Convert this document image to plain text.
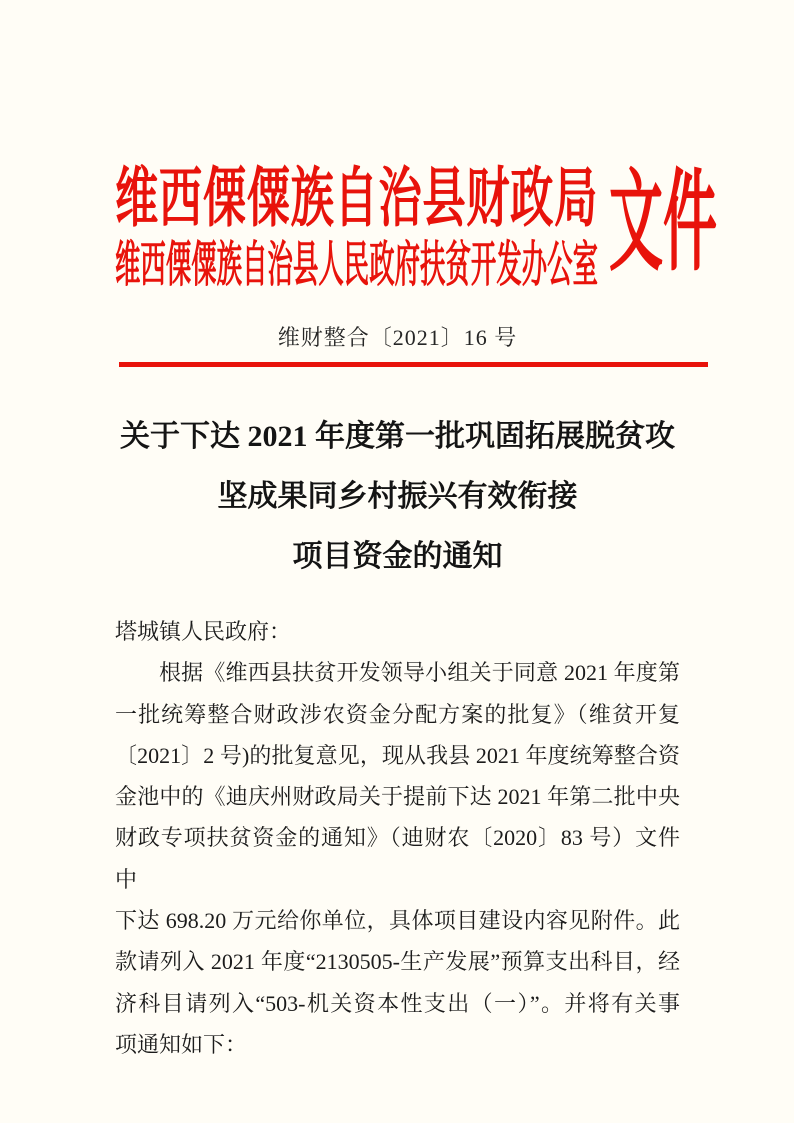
维西傈僳族自治县财政局
维西傈僳族自治县人民政府扶贫开发办公室 文件
维财整合〔2021〕16 号
关于下达 2021 年度第一批巩固拓展脱贫攻
坚成果同乡村振兴有效衔接
项目资金的通知
塔城镇人民政府：
根据《维西县扶贫开发领导小组关于同意 2021 年度第
一批统筹整合财政涉农资金分配方案的批复》（维贫开复
〔2021〕2 号)的批复意见，现从我县 2021 年度统筹整合资
金池中的《迪庆州财政局关于提前下达 2021 年第二批中央
财政专项扶贫资金的通知》（迪财农〔2020〕83 号）文件中
下达 698.20 万元给你单位，具体项目建设内容见附件。此
款请列入 2021 年度“2130505-生产发展”预算支出科目，经
济科目请列入“503-机关资本性支出（一）”。并将有关事
项通知如下：
